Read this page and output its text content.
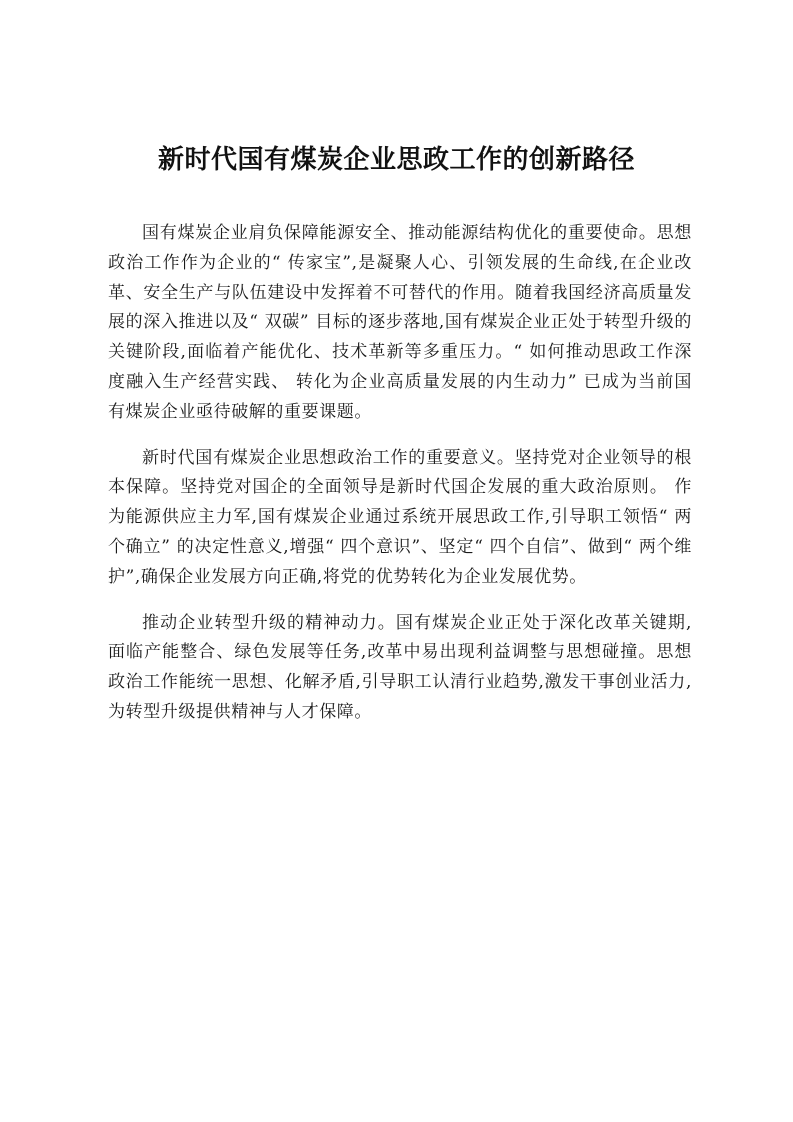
新时代国有煤炭企业思政工作的创新路径

国有煤炭企业肩负保障能源安全、推动能源结构优化的重要使命。思想政治工作作为企业的“ 传家宝”,是凝聚人心、引领发展的生命线,在企业改革、安全生产与队伍建设中发挥着不可替代的作用。随着我国经济高质量发展的深入推进以及“ 双碳” 目标的逐步落地,国有煤炭企业正处于转型升级的关键阶段,面临着产能优化、技术革新等多重压力。“ 如何推动思政工作深度融入生产经营实践、 转化为企业高质量发展的内生动力” 已成为当前国有煤炭企业亟待破解的重要课题。

新时代国有煤炭企业思想政治工作的重要意义。坚持党对企业领导的根本保障。坚持党对国企的全面领导是新时代国企发展的重大政治原则。 作为能源供应主力军,国有煤炭企业通过系统开展思政工作,引导职工领悟“ 两个确立” 的决定性意义,增强“ 四个意识”、坚定“ 四个自信”、做到“ 两个维护”,确保企业发展方向正确,将党的优势转化为企业发展优势。

推动企业转型升级的精神动力。国有煤炭企业正处于深化改革关键期,面临产能整合、绿色发展等任务,改革中易出现利益调整与思想碰撞。思想政治工作能统一思想、化解矛盾,引导职工认清行业趋势,激发干事创业活力,为转型升级提供精神与人才保障。
